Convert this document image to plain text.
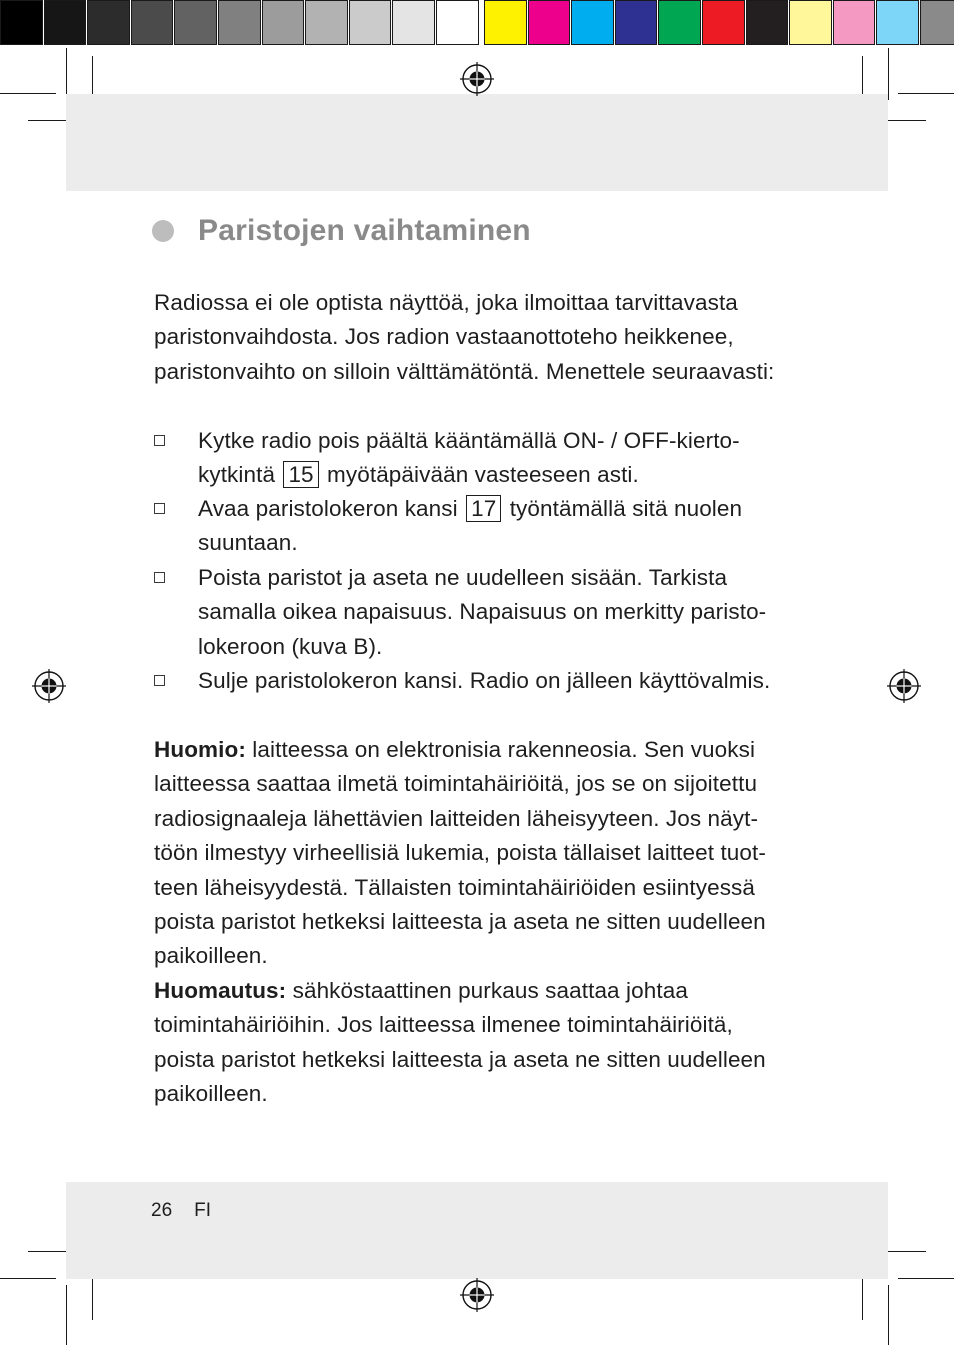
Paristojen vaihtaminen
Radiossa ei ole optista näyttöä, joka ilmoittaa tarvittavasta
paristonvaihdosta. Jos radion vastaanottoteho heikkenee,
paristonvaihto on silloin välttämätöntä. Menettele seuraavasti:
Kytke radio pois päältä kääntämällä ON- / OFF-kierto-
kytkintä 15 myötäpäivään vasteeseen asti.
Avaa paristolokeron kansi 17 työntämällä sitä nuolen
suuntaan.
Poista paristot ja aseta ne uudelleen sisään. Tarkista
samalla oikea napaisuus. Napaisuus on merkitty paristo-
lokeroon (kuva B).
Sulje paristolokeron kansi. Radio on jälleen käyttövalmis.
Huomio: laitteessa on elektronisia rakenneosia. Sen vuoksi
laitteessa saattaa ilmetä toimintahäiriöitä, jos se on sijoitettu
radiosignaaleja lähettävien laitteiden läheisyyteen. Jos näyt-
töön ilmestyy virheellisiä lukemia, poista tällaiset laitteet tuot-
teen läheisyydestä. Tällaisten toimintahäiriöiden esiintyessä
poista paristot hetkeksi laitteesta ja aseta ne sitten uudelleen
paikoilleen.
Huomautus: sähköstaattinen purkaus saattaa johtaa
toimintahäiriöihin. Jos laitteessa ilmenee toimintahäiriöitä,
poista paristot hetkeksi laitteesta ja aseta ne sitten uudelleen
paikoilleen.
26 FI
